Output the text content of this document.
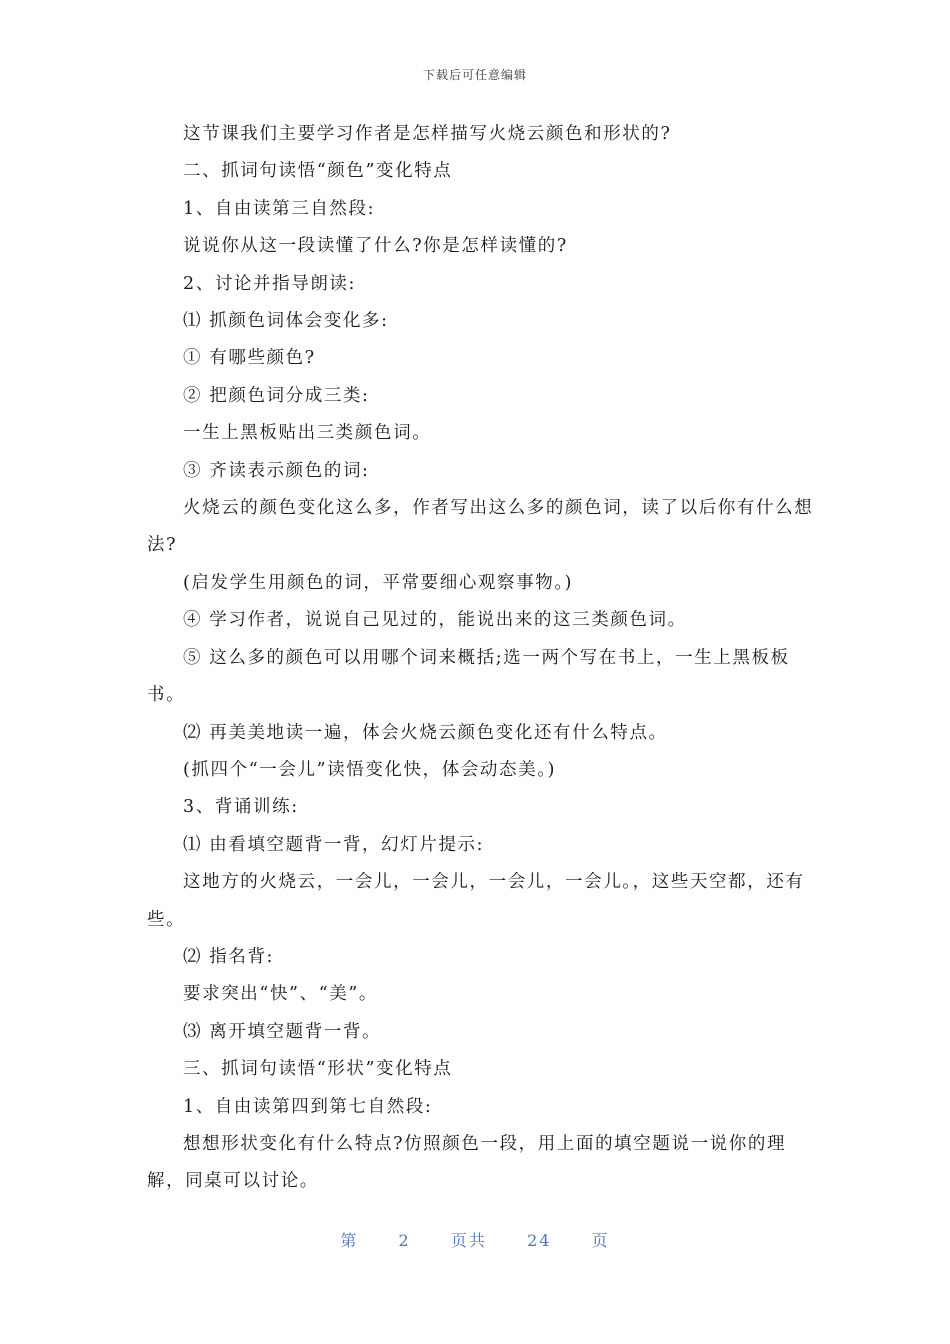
下载后可任意编辑

这节课我们主要学习作者是怎样描写火烧云颜色和形状的?

二、抓词句读悟“颜色”变化特点

1、自由读第三自然段:

说说你从这一段读懂了什么?你是怎样读懂的?

2、讨论并指导朗读:

⑴ 抓颜色词体会变化多:

① 有哪些颜色?

② 把颜色词分成三类:

一生上黑板贴出三类颜色词。

③ 齐读表示颜色的词:

火烧云的颜色变化这么多，作者写出这么多的颜色词，读了以后你有什么想法?

(启发学生用颜色的词，平常要细心观察事物。)

④ 学习作者，说说自己见过的，能说出来的这三类颜色词。

⑤ 这么多的颜色可以用哪个词来概括;选一两个写在书上，一生上黑板板书。

⑵ 再美美地读一遍，体会火烧云颜色变化还有什么特点。

(抓四个“一会儿”读悟变化快，体会动态美。)

3、背诵训练:

⑴ 由看填空题背一背，幻灯片提示:

这地方的火烧云，一会儿，一会儿，一会儿，一会儿。，这些天空都，还有些。

⑵ 指名背:

要求突出“快”、“美”。

⑶ 离开填空题背一背。

三、抓词句读悟“形状”变化特点

1、自由读第四到第七自然段:

想想形状变化有什么特点?仿照颜色一段，用上面的填空题说一说你的理解，同桌可以讨论。

第	2	页共	24	页
